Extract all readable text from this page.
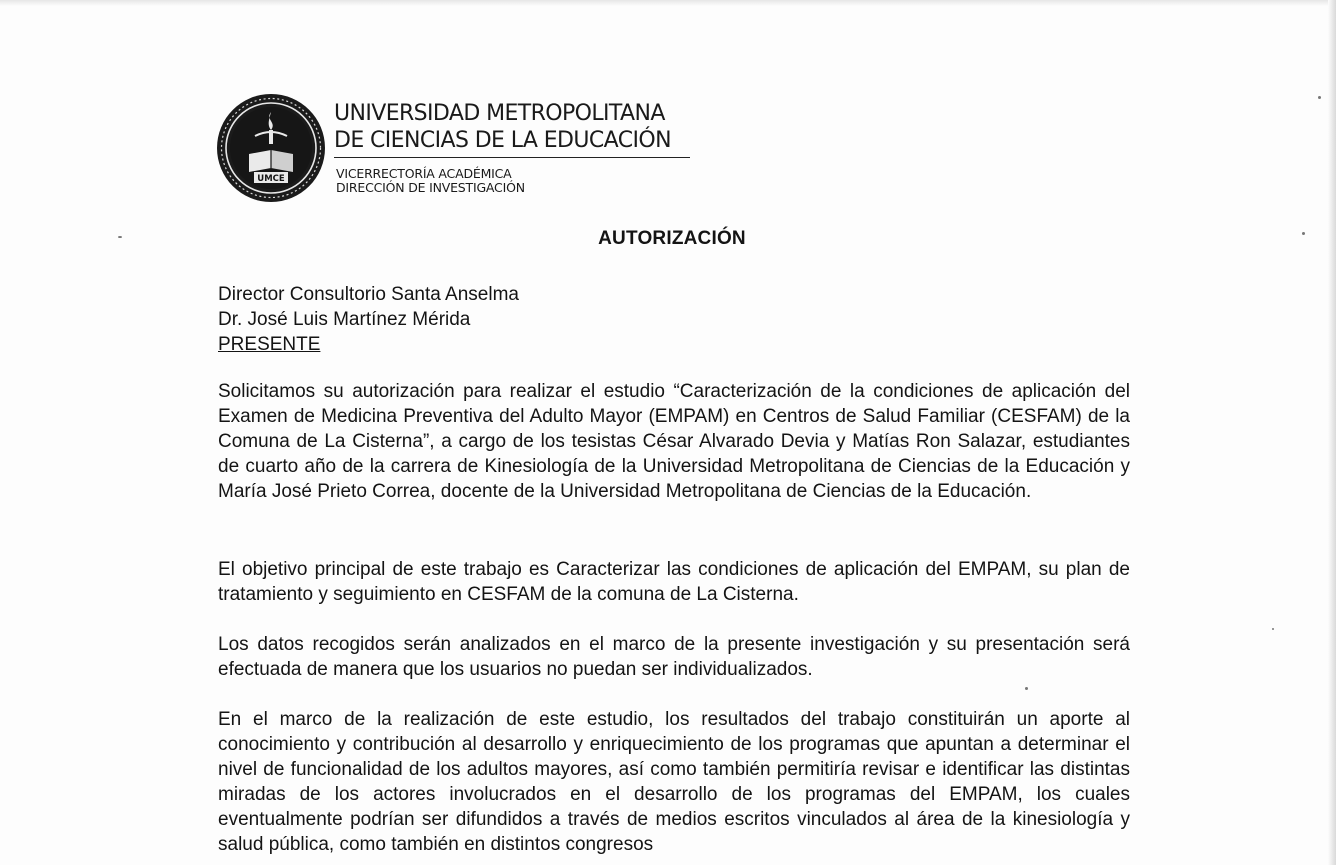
UMCE
UNIVERSIDAD METROPOLITANA
DE CIENCIAS DE LA EDUCACIÓN
VICERRECTORÍA ACADÉMICA
DIRECCIÓN DE INVESTIGACIÓN
AUTORIZACIÓN
Director Consultorio Santa Anselma
Dr. José Luis Martínez Mérida
PRESENTE
Solicitamos su autorización para realizar el estudio “Caracterización de la condiciones de aplicación del Examen de Medicina Preventiva del Adulto Mayor (EMPAM) en Centros de Salud Familiar (CESFAM) de la Comuna de La Cisterna”, a cargo de los tesistas César Alvarado Devia y Matías Ron Salazar, estudiantes de cuarto año de la carrera de Kinesiología de la Universidad Metropolitana de Ciencias de la Educación y María José Prieto Correa, docente de la Universidad Metropolitana de Ciencias de la Educación.
El objetivo principal de este trabajo es Caracterizar las condiciones de aplicación del EMPAM, su plan de tratamiento y seguimiento en CESFAM de la comuna de La Cisterna.
Los datos recogidos serán analizados en el marco de la presente investigación y su presentación será efectuada de manera que los usuarios no puedan ser individualizados.
En el marco de la realización de este estudio, los resultados del trabajo constituirán un aporte al conocimiento y contribución al desarrollo y enriquecimiento de los programas que apuntan a determinar el nivel de funcionalidad de los adultos mayores, así como también permitiría revisar e identificar las distintas miradas de los actores involucrados en el desarrollo de los programas del EMPAM, los cuales eventualmente podrían ser difundidos a través de medios escritos vinculados al área de la kinesiología y salud pública, como también en distintos congresos
